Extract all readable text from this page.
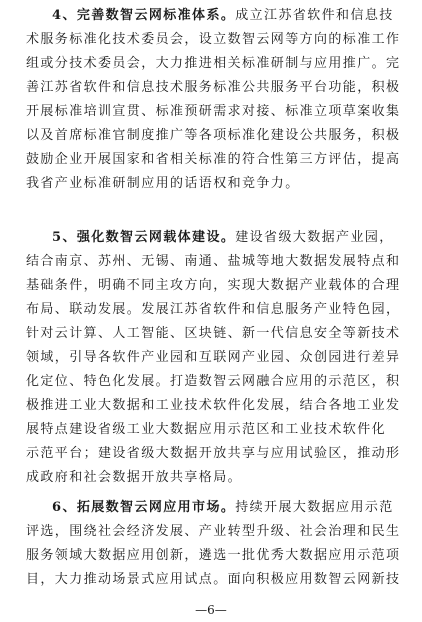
4、完善数智云网标准体系。成立江苏省软件和信息技
术服务标准化技术委员会，设立数智云网等方向的标准工作
组或分技术委员会，大力推进相关标准研制与应用推广。完
善江苏省软件和信息技术服务标准公共服务平台功能，积极
开展标准培训宣贯、标准预研需求对接、标准立项草案收集
以及首席标准官制度推广等各项标准化建设公共服务，积极
鼓励企业开展国家和省相关标准的符合性第三方评估，提高
我省产业标准研制应用的话语权和竞争力。
5、强化数智云网载体建设。建设省级大数据产业园，
结合南京、苏州、无锡、南通、盐城等地大数据发展特点和
基础条件，明确不同主攻方向，实现大数据产业载体的合理
布局、联动发展。发展江苏省软件和信息服务产业特色园，
针对云计算、人工智能、区块链、新一代信息安全等新技术
领域，引导各软件产业园和互联网产业园、众创园进行差异
化定位、特色化发展。打造数智云网融合应用的示范区，积
极推进工业大数据和工业技术软件化发展，结合各地工业发
展特点建设省级工业大数据应用示范区和工业技术软件化
示范平台；建设省级大数据开放共享与应用试验区，推动形
成政府和社会数据开放共享格局。
6、拓展数智云网应用市场。持续开展大数据应用示范
评选，围绕社会经济发展、产业转型升级、社会治理和民生
服务领域大数据应用创新，遴选一批优秀大数据应用示范项
目，大力推动场景式应用试点。面向积极应用数智云网新技
—6—
